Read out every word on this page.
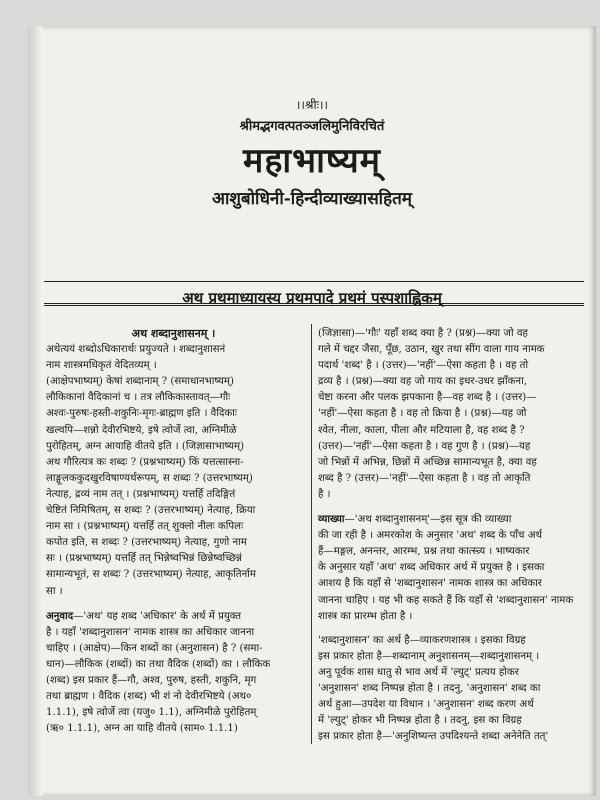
।।श्रीः।।
श्रीमद्भगवत्पतञ्जलिमुनिविरचितं
महाभाष्यम्
आशुबोधिनी-हिन्दीव्याख्यासहितम्
अथ प्रथमाध्यायस्य प्रथमपादे प्रथमं पस्पशाह्निकम्

अथ शब्दानुशासनम् ।

अथेत्ययं शब्दोऽधिकारार्थः प्रयुज्यते । शब्दानुशासनं

नाम शास्त्रमधिकृतं वेदितव्यम् ।

(आक्षेपभाष्यम्) केषां शब्दानाम् ? (समाधानभाष्यम्)

लौकिकानां वैदिकानां च । तत्र लौकिकास्तावत्—गौः

अश्वः-पुरुषः-हस्ती-शकुनिः-मृगः-ब्राह्मण इति । वैदिकाः

खल्वपि—शन्नो देवीरभिष्टये, इषे त्वोर्जे त्वा, अग्निमीळे

पुरोहितम्, अग्न आयाहि वीतये इति । (जिज्ञासाभाष्यम्)

अथ गौरित्यत्र कः शब्दः ? (प्रश्नभाष्यम्) किं यत्तत्सास्ना-

लाङ्गूलककुदखुरविषाण्यर्थरूपम्, स शब्दः ? (उत्तरभाष्यम्)

नेत्याह, द्रव्यं नाम तत् । (प्रश्नभाष्यम्) यत्तर्हि तदिङ्गितं

चेष्टितं निमिषितम्, स शब्दः ? (उत्तरभाष्यम्) नेत्याह, क्रिया

नाम सा । (प्रश्नभाष्यम्) यत्तर्हि तत् शुक्लो नीलः कपिलः

कपोत इति, स शब्दः ? (उत्तरभाष्यम्) नेत्याह, गुणो नाम

सः । (प्रश्नभाष्यम्) यत्तर्हि तत् भिन्नेष्वभिन्नं छिन्नेष्वच्छिन्नं

सामान्यभूतं, स शब्दः ? (उत्तरभाष्यम्) नेत्याह, आकृतिर्नाम

सा ।

अनुवाद—'अथ' यह शब्द 'अधिकार' के अर्थ में प्रयुक्त

है । यहाँ 'शब्दानुशासन' नामक शास्त्र का अधिकार जानना

चाहिए । (आक्षेप)—किन शब्दों का (अनुशासन) है ? (समा-

धान)—लौकिक (शब्दों) का तथा वैदिक (शब्दों) का । लौकिक

(शब्द) इस प्रकार हैं—गौ, अश्व, पुरुष, हस्ती, शकुनि, मृग

तथा ब्राह्मण । वैदिक (शब्द) भी शं नो देवीरभिष्टये (अथ०

1.1.1), इषे त्वोर्जे त्वा (यजु० 1.1), अग्निमीळे पुरोहितम्

(ऋ० 1.1.1), अग्न आ याहि वीतये (साम० 1.1.1)

(जिज्ञासा)—'गौः' यहाँ शब्द क्या है ? (प्रश्न)—क्या जो वह

गले में चद्दर जैसा, पूँछ, उठान, खुर तथा सींग वाला गाय नामक

पदार्थ 'शब्द' है । (उत्तर)—'नहीं'—ऐसा कहता है । वह तो

द्रव्य है । (प्रश्न)—क्या वह जो गाय का इधर-उधर झाँकना,

चेष्टा करना और पलक झपकाना है—वह शब्द है । (उत्तर)—

'नहीं'—ऐसा कहता है । वह तो क्रिया है । (प्रश्न)—यह जो

श्वेत, नीला, काला, पीला और मटियाला है, वह शब्द है ?

(उत्तर)—'नहीं'—ऐसा कहता है । वह गुण है । (प्रश्न)—यह

जो भिन्नों में अभिन्न, छिन्नों में अच्छिन्न सामान्यभूत है, क्या वह

शब्द है ? (उत्तर)—'नहीं'—ऐसा कहता है । वह तो आकृति

है ।

व्याख्या—'अथ शब्दानुशासनम्'—इस सूत्र की व्याख्या

की जा रही है । अमरकोश के अनुसार 'अथ' शब्द के पाँच अर्थ

हैं—मङ्गल, अनन्तर, आरम्भ, प्रश्न तथा कात्स्न्र्य । भाष्यकार

के अनुसार यहाँ 'अथ' शब्द अधिकार अर्थ में प्रयुक्त है । इसका

आशय है कि यहाँ से 'शब्दानुशासन' नामक शास्त्र का अधिकार

जानना चाहिए । यह भी कह सकते हैं कि यहाँ से 'शब्दानुशासन' नामक

शास्त्र का प्रारम्भ होता है ।

'शब्दानुशासन' का अर्थ है—व्याकरणशास्त्र । इसका विग्रह

इस प्रकार होता है—शब्दानाम् अनुशासनम्—शब्दानुशासनम् ।

अनु पूर्वक शास धातु से भाव अर्थ में 'ल्युट्' प्रत्यय होकर

'अनुशासन' शब्द निष्पन्न होता है । तदनु, 'अनुशासन' शब्द का

अर्थ हुआ—उपदेश या विधान । 'अनुशासन' शब्द करण अर्थ

में 'ल्युट्' होकर भी निष्पन्न होता है । तदनु, इस का विग्रह

इस प्रकार होता है—'अनुशिष्यन्त उपदिश्यन्ते शब्दा अनेनेति तत्'
